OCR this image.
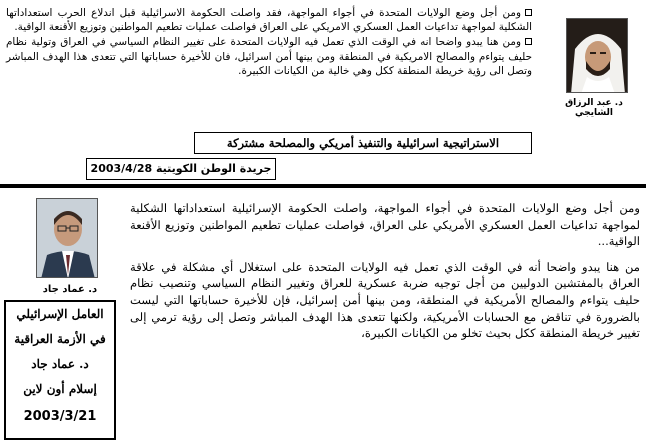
ومن أجل وضع الولايات المتحدة في أجواء المواجهة، فقد واصلت الحكومة الاسرائيلية قبل اندلاع الحرب استعداداتها الشكلية لمواجهة تداعيات العمل العسكري الامريكي على العراق فواصلت عمليات تطعيم المواطنين وتوزيع الأقنعة الواقية.

ومن هنا يبدو واضحا انه في الوقت الذي تعمل فيه الولايات المتحدة على تغيير النظام السياسي في العراق وتولية نظام حليف يتواءم والمصالح الامريكية في المنطقة ومن بينها أمن اسرائيل، فان للأخيرة حساباتها التي تتعدى هذا الهدف المباشر وتصل الى رؤية خريطة المنطقة ككل وهي خالية من الكيانات الكبيرة.

د. عبد الرزاق الشايجي
الاستراتيجية اسرائيلية والتنفيذ أمريكي والمصلحة مشتركة
جريدة الوطن الكويتية 2003/4/28

ومن أجل وضع الولايات المتحدة في أجواء المواجهة، واصلت الحكومة الإسرائيلية استعداداتها الشكلية لمواجهة تداعيات العمل العسكري الأمريكي على العراق، فواصلت عمليات تطعيم المواطنين وتوزيع الأقنعة الواقية...

من هنا يبدو واضحا أنه في الوقت الذي تعمل فيه الولايات المتحدة على استغلال أي مشكلة في علاقة العراق بالمفتشين الدوليين من أجل توجيه ضربة عسكرية للعراق وتغيير النظام السياسي وتنصيب نظام حليف يتواءم والمصالح الأمريكية في المنطقة، ومن بينها أمن إسرائيل، فإن للأخيرة حساباتها التي ليست بالضرورة في تناقض مع الحسابات الأمريكية، ولكنها تتعدى هذا الهدف المباشر وتصل إلى رؤية ترمي إلى تغيير خريطة المنطقة ككل بحيث تخلو من الكيانات الكبيرة،

د. عماد جاد
العامل الإسرائيلي
في الأزمة العراقية
د. عماد جاد
إسلام أون لاين
2003/3/21
